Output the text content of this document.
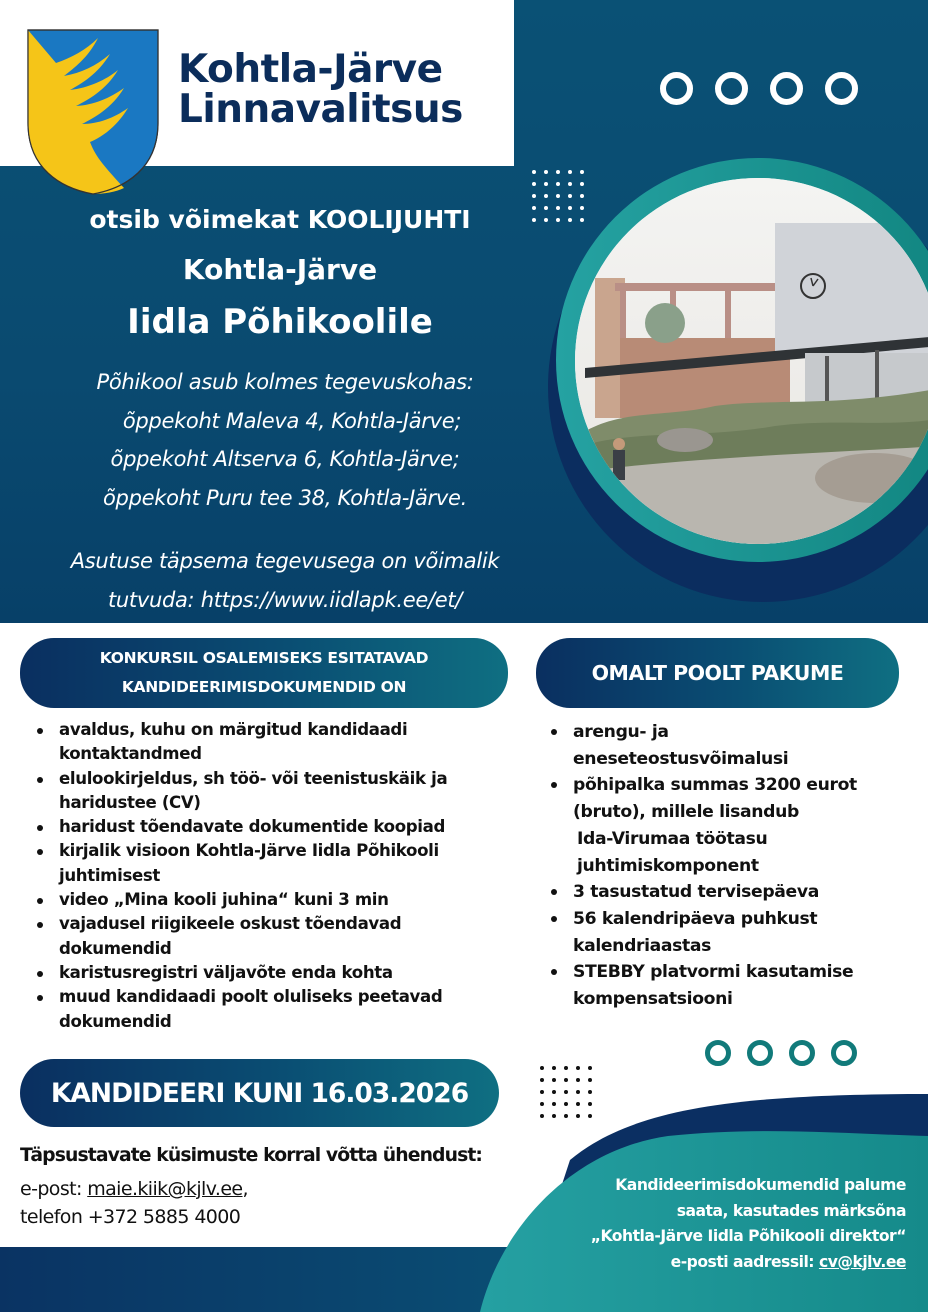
Kohtla-Järve
Linnavalitsus
otsib võimekat KOOLIJUHTI
Kohtla-Järve
Iidla Põhikoolile
Põhikool asub kolmes tegevuskohas:
õppekoht Maleva 4, Kohtla-Järve;
õppekoht Altserva 6, Kohtla-Järve;
õppekoht Puru tee 38, Kohtla-Järve.
Asutuse täpsema tegevusega on võimalik
tutvuda: https://www.iidlapk.ee/et/
KONKURSIL OSALEMISEKS ESITATAVAD
KANDIDEERIMISDOKUMENDID ON
avaldus, kuhu on märgitud kandidaadi
kontaktandmed
elulookirjeldus, sh töö- või teenistuskäik ja
haridustee (CV)
haridust tõendavate dokumentide koopiad
kirjalik visioon Kohtla-Järve Iidla Põhikooli
juhtimisest
video „Mina kooli juhina“ kuni 3 min
vajadusel riigikeele oskust tõendavad
dokumendid
karistusregistri väljavõte enda kohta
muud kandidaadi poolt oluliseks peetavad
dokumendid
OMALT POOLT PAKUME
arengu- ja
eneseteostusvõimalusi
põhipalka summas 3200 eurot
(bruto), millele lisandub
Ida-Virumaa töötasu
juhtimiskomponent
3 tasustatud tervisepäeva
56 kalendripäeva puhkust
kalendriaastas
STEBBY platvormi kasutamise
kompensatsiooni
KANDIDEERI KUNI 16.03.2026
Täpsustavate küsimuste korral võtta ühendust:
e-post: maie.kiik@kjlv.ee,
telefon +372 5885 4000
Kandideerimisdokumendid palume
saata, kasutades märksõna
„Kohtla-Järve Iidla Põhikooli direktor“
e-posti aadressil: cv@kjlv.ee
